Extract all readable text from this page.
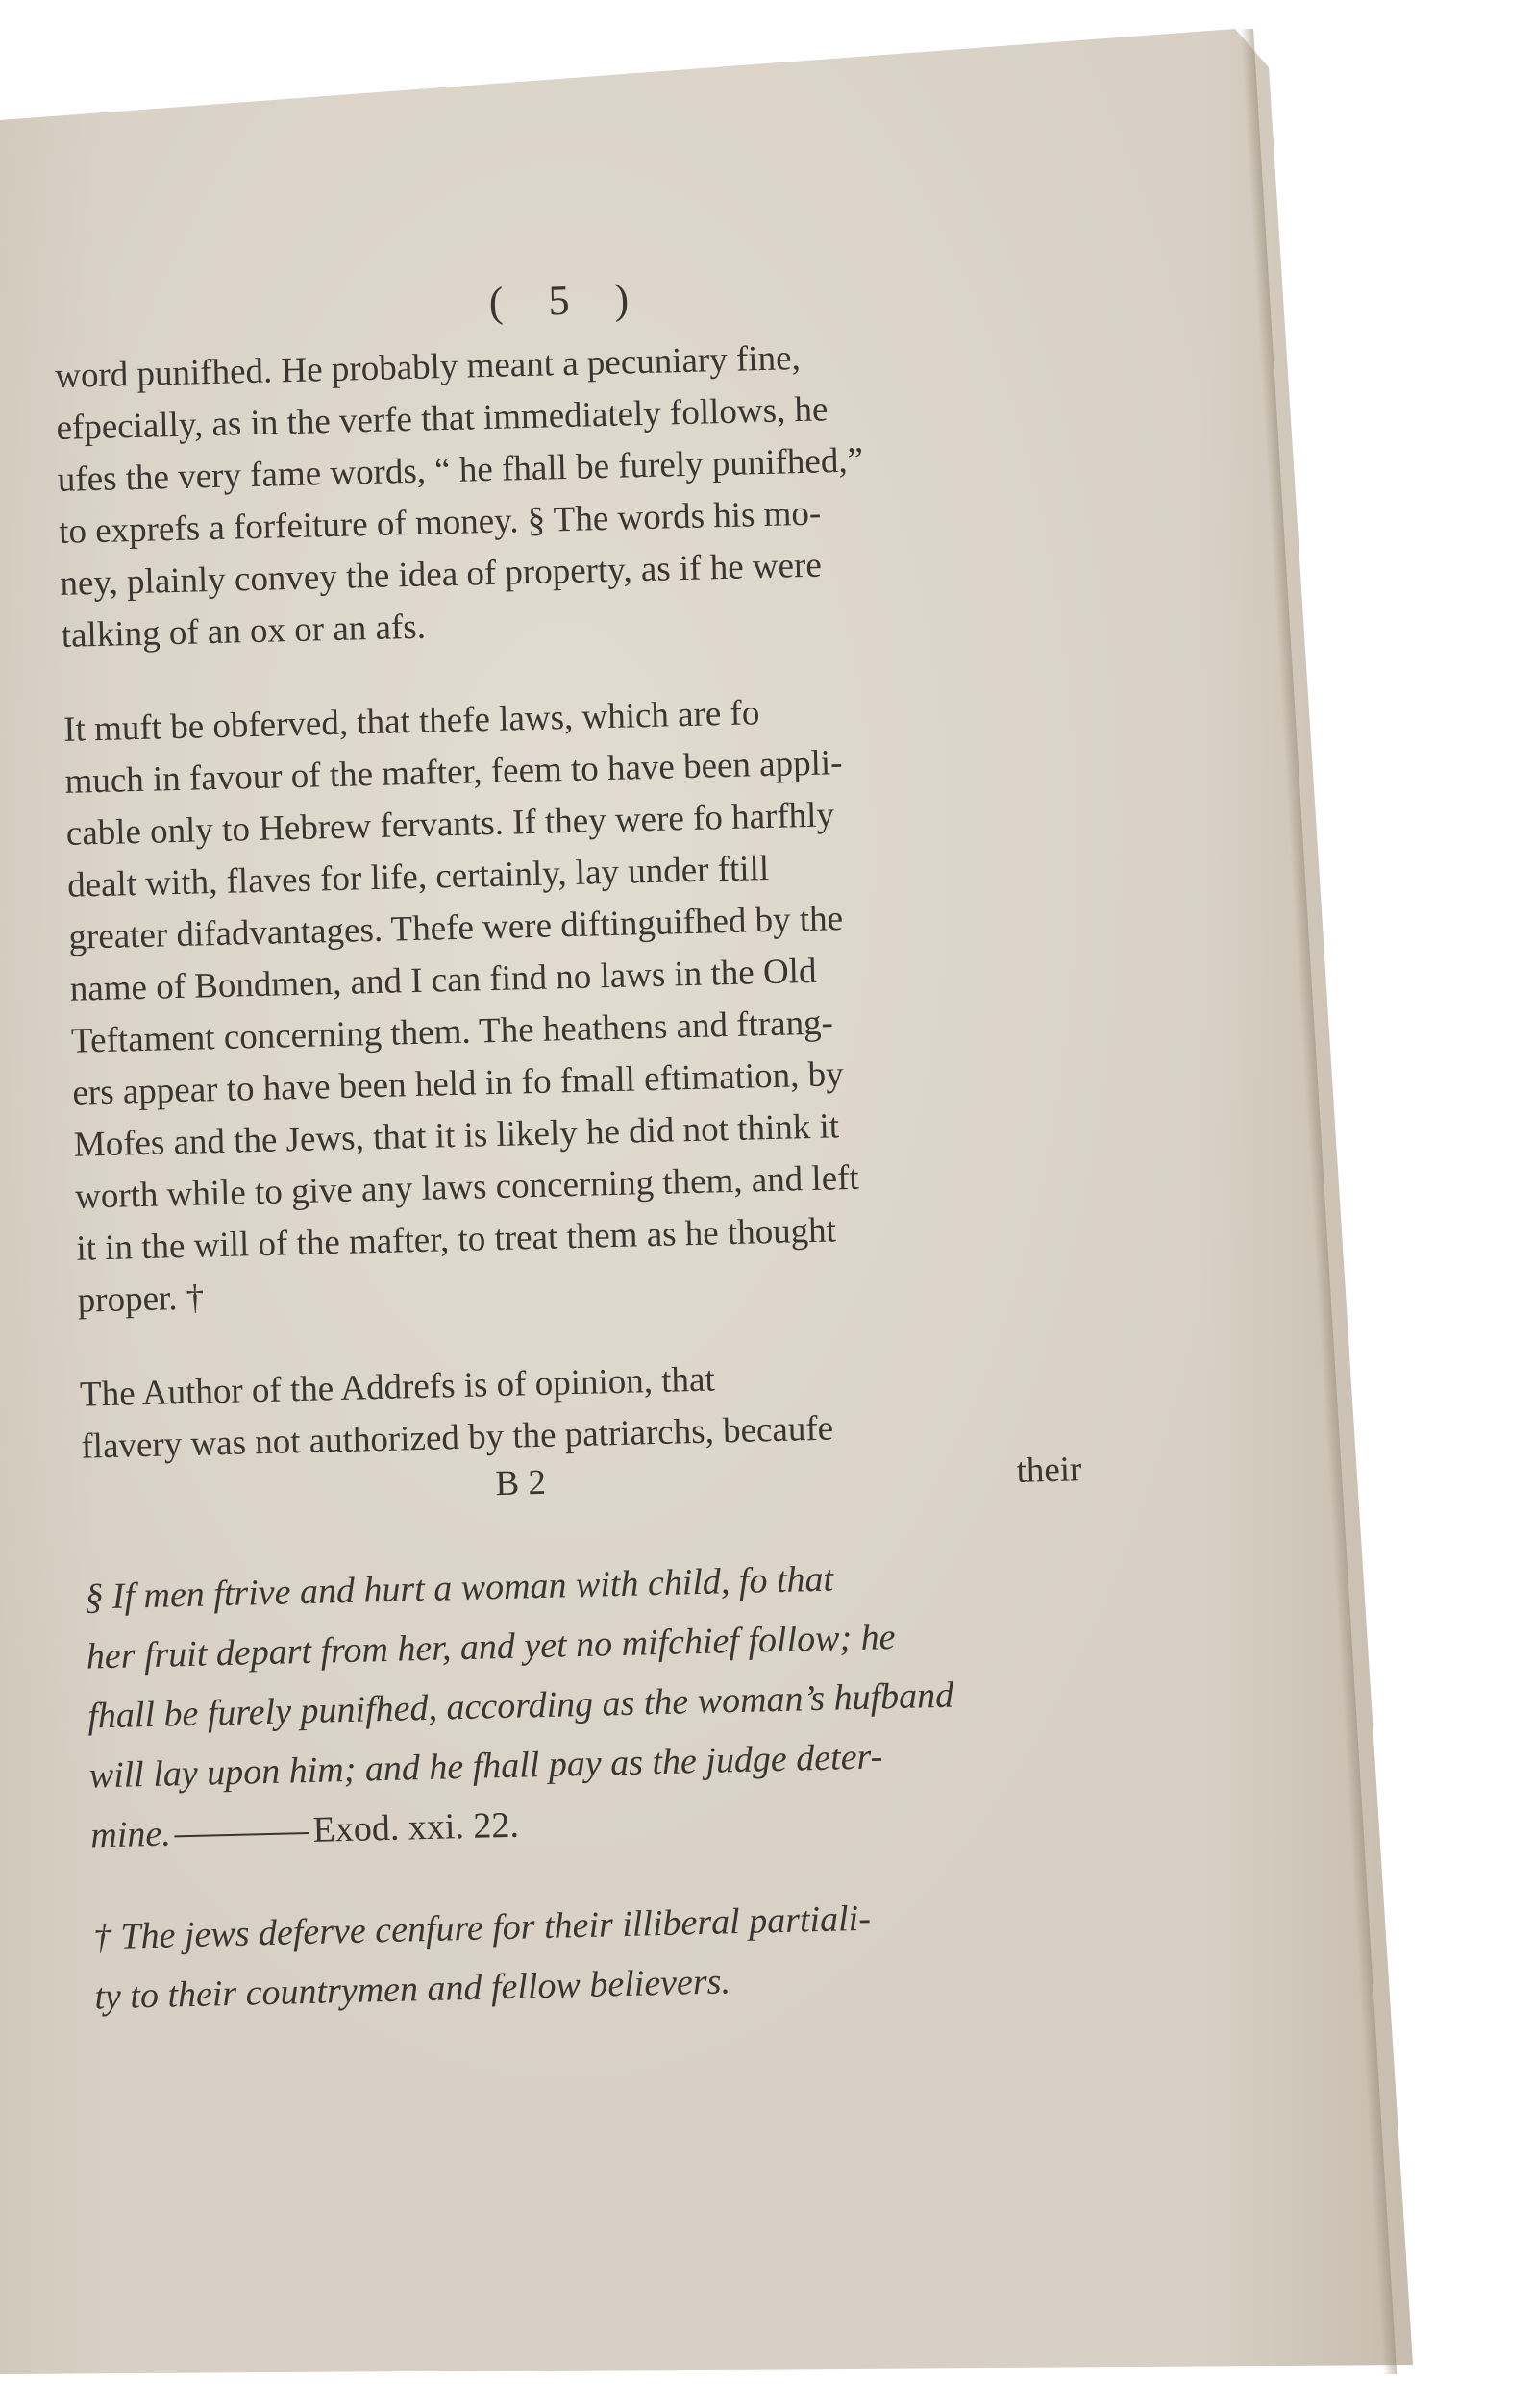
( 5 )

word punifhed. He probably meant a pecuniary fine,
efpecially, as in the verfe that immediately follows, he
ufes the very fame words, “ he fhall be furely punifhed,”
to exprefs a forfeiture of money. § The words his mo-
ney, plainly convey the idea of property, as if he were
talking of an ox or an afs.

It muft be obferved, that thefe laws, which are fo
much in favour of the mafter, feem to have been appli-
cable only to Hebrew fervants. If they were fo harfhly
dealt with, flaves for life, certainly, lay under ftill
greater difadvantages. Thefe were diftinguifhed by the
name of Bondmen, and I can find no laws in the Old
Teftament concerning them. The heathens and ftrang-
ers appear to have been held in fo fmall eftimation, by
Mofes and the Jews, that it is likely he did not think it
worth while to give any laws concerning them, and left
it in the will of the mafter, to treat them as he thought
proper. †

The Author of the Addrefs is of opinion, that
flavery was not authorized by the patriarchs, becaufe

B 2	their

§ If men ftrive and hurt a woman with child, fo that
her fruit depart from her, and yet no mifchief follow; he
fhall be furely punifhed, according as the woman’s hufband
will lay upon him; and he fhall pay as the judge deter-
mine.	Exod. xxi. 22.

† The jews deferve cenfure for their illiberal partiali-
ty to their countrymen and fellow believers.
